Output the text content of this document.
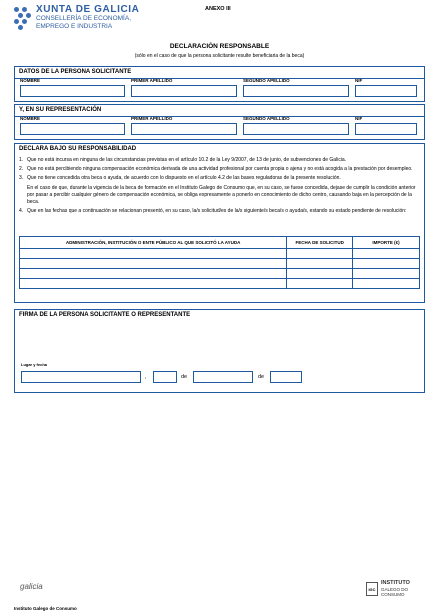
XUNTA DE GALICIA
CONSELLERÍA DE ECONOMÍA,
EMPREGO E INDUSTRIA
ANEXO III
DECLARACIÓN RESPONSABLE
(sólo en el caso de que la persona solicitante resulte beneficiaria de la beca)
DATOS DE LA PERSONA SOLICITANTE
NOMBRE	PRIMER APELLIDO	SEGUNDO APELLIDO	NIF
Y, EN SU REPRESENTACIÓN
NOMBRE	PRIMER APELLIDO	SEGUNDO APELLIDO	NIF
DECLARA BAJO SU RESPONSABILIDAD
1. Que no está incursa en ninguna de las circunstancias previstas en el artículo 10.2 de la Ley 9/2007, de 13 de junio, de subvenciones de Galicia.
2. Que no está percibiendo ninguna compensación económica derivada de una actividad profesional por cuenta propia o ajena y no está acogida a la prestación por desempleo.
3. Que no tiene concedida otra beca o ayuda, de acuerdo con lo dispuesto en el artículo 4.2 de las bases reguladoras de la presente resolución.
En el caso de que, durante la vigencia de la beca de formación en el Instituto Galego de Consumo que, en su caso, se fuese concedida, dejase de cumplir la condición anterior por pasar a percibir cualquier género de compensación económica, se obliga expresamente a ponerlo en conocimiento de dicho centro, causando baja en la percepción de la beca.
4. Que en las fechas que a continuación se relacionan presentó, en su caso, la/s solicitud/es de la/s siguiente/s beca/s o ayuda/s, estando su estado pendiente de resolución:
ADMINISTRACIÓN, INSTITUCIÓN O ENTE PÚBLICO AL QUE SOLICITÓ LA AYUDA	FECHA DE SOLICITUD	IMPORTE (€)

FIRMA DE LA PERSONA SOLICITANTE O REPRESENTANTE
Lugar y fecha
,	de	de
galicia	IGC
INSTITUTO
GALEGO DO
CONSUMO
Instituto Galego de Consumo
